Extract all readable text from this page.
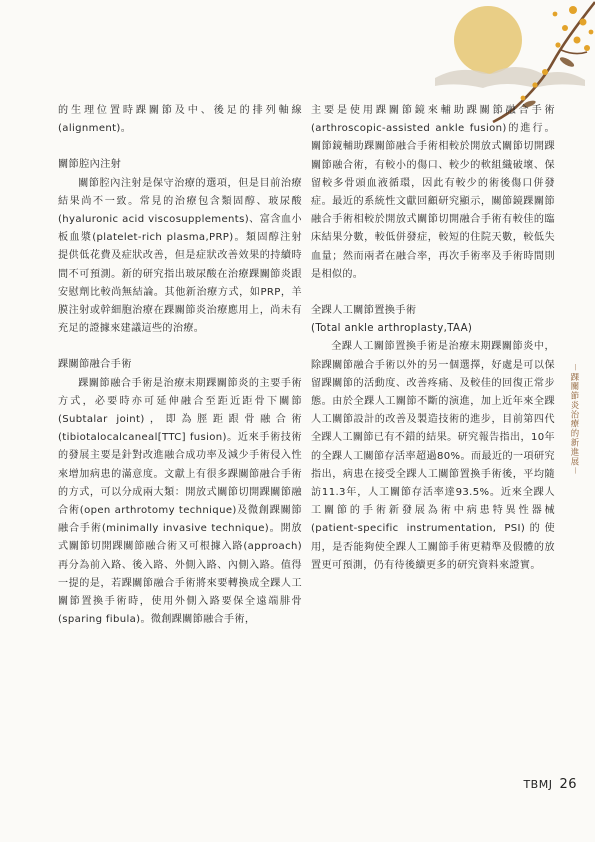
的生理位置時踝關節及中、後足的排列軸線(alignment)。

關節腔內注射

關節腔內注射是保守治療的選項，但是目前治療結果尚不一致。常見的治療包含類固醇、玻尿酸(hyaluronic acid viscosupplements)、富含血小板血漿(platelet-rich plasma,PRP)。類固醇注射提供低花費及症狀改善，但是症狀改善效果的持續時間不可預測。新的研究指出玻尿酸在治療踝關節炎跟安慰劑比較尚無結論。其他新治療方式，如PRP，羊膜注射或幹細胞治療在踝關節炎治療應用上，尚未有充足的證據來建議這些的治療。

踝關節融合手術

踝關節融合手術是治療末期踝關節炎的主要手術方式，必要時亦可延伸融合至距近距骨下關節(Subtalar joint)，即為脛距跟骨融合術(tibiotalocalcaneal[TTC] fusion)。近來手術技術的發展主要是針對改進融合成功率及減少手術侵入性來增加病患的滿意度。文獻上有很多踝關節融合手術的方式，可以分成兩大類：開放式關節切開踝關節融合術(open arthrotomy technique)及微創踝關節融合手術(minimally invasive technique)。開放式關節切開踝關節融合術又可根據入路(approach)再分為前入路、後入路、外側入路、內側入路。值得一提的是，若踝關節融合手術將來要轉換成全踝人工關節置換手術時，使用外側入路要保全遠端腓骨(sparing fibula)。微創踝關節融合手術，

主要是使用踝關節鏡來輔助踝關節融合手術(arthroscopic-assisted ankle fusion)的進行。關節鏡輔助踝關節融合手術相較於開放式關節切開踝關節融合術，有較小的傷口、較少的軟組織破壞、保留較多骨頭血液循環，因此有較少的術後傷口併發症。最近的系統性文獻回顧研究顯示，關節鏡踝關節融合手術相較於開放式關節切開融合手術有較佳的臨床結果分數，較低併發症，較短的住院天數，較低失血量；然而兩者在融合率，再次手術率及手術時間則是相似的。

全踝人工關節置換手術
(Total ankle arthroplasty,TAA)

全踝人工關節置換手術是治療末期踝關節炎中，除踝關節融合手術以外的另一個選擇，好處是可以保留踝關節的活動度、改善疼痛、及較佳的回復正常步態。由於全踝人工關節不斷的演進，加上近年來全踝人工關節設計的改善及製造技術的進步，目前第四代全踝人工關節已有不錯的結果。研究報告指出，10年的全踝人工關節存活率超過80%。而最近的一項研究指出，病患在接受全踝人工關節置換手術後，平均隨訪11.3年，人工關節存活率達93.5%。近來全踝人工關節的手術新發展為術中病患特異性器械(patient-specific instrumentation, PSI)的使用，是否能夠使全踝人工關節手術更精準及假體的放置更可預測，仍有待後續更多的研究資料來證實。

－踝關節炎治療的新進展－
TBMJ 26
